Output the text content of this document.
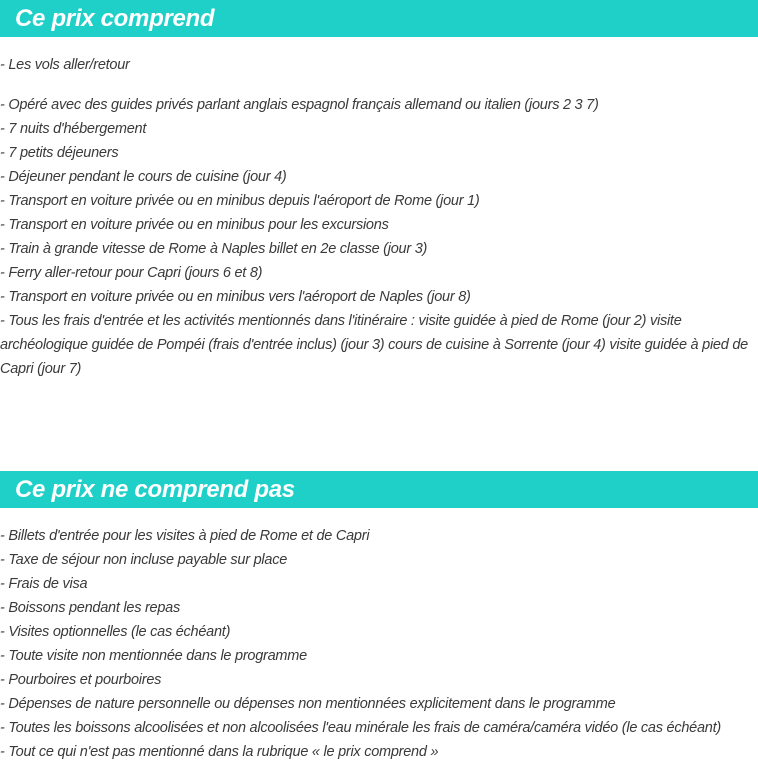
Ce prix comprend
- Les vols aller/retour
- Opéré avec des guides privés parlant anglais espagnol français allemand ou italien (jours 2 3 7)
- 7 nuits d'hébergement
- 7 petits déjeuners
- Déjeuner pendant le cours de cuisine (jour 4)
- Transport en voiture privée ou en minibus depuis l'aéroport de Rome (jour 1)
- Transport en voiture privée ou en minibus pour les excursions
- Train à grande vitesse de Rome à Naples billet en 2e classe (jour 3)
- Ferry aller-retour pour Capri (jours 6 et 8)
- Transport en voiture privée ou en minibus vers l'aéroport de Naples (jour 8)
- Tous les frais d'entrée et les activités mentionnés dans l'itinéraire : visite guidée à pied de Rome (jour 2) visite archéologique guidée de Pompéi (frais d'entrée inclus) (jour 3) cours de cuisine à Sorrente (jour 4) visite guidée à pied de Capri (jour 7)
Ce prix ne comprend pas
- Billets d'entrée pour les visites à pied de Rome et de Capri
- Taxe de séjour non incluse payable sur place
- Frais de visa
- Boissons pendant les repas
- Visites optionnelles (le cas échéant)
- Toute visite non mentionnée dans le programme
- Pourboires et pourboires
- Dépenses de nature personnelle ou dépenses non mentionnées explicitement dans le programme
- Toutes les boissons alcoolisées et non alcoolisées l'eau minérale les frais de caméra/caméra vidéo (le cas échéant)
- Tout ce qui n'est pas mentionné dans la rubrique « le prix comprend »
